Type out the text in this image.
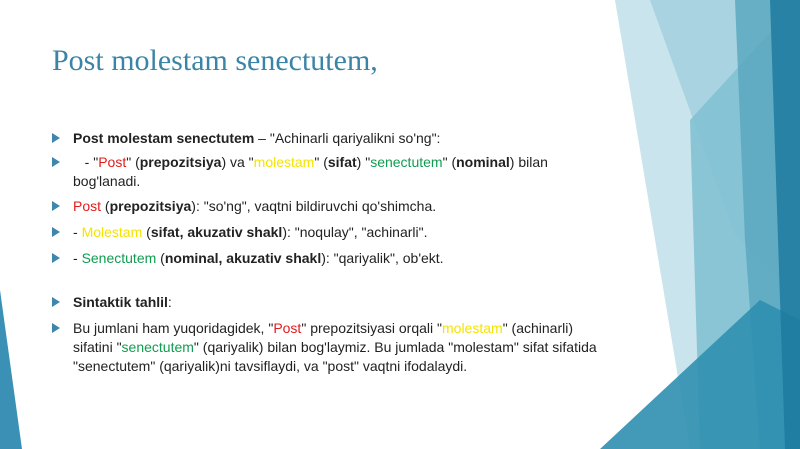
Post molestam senectutem,
Post molestam senectutem – "Achinarli qariyalikni so'ng":
- "Post" (prepozitsiya) va "molestam" (sifat) "senectutem" (nominal) bilan bog'lanadi.
Post (prepozitsiya): "so'ng", vaqtni bildiruvchi qo'shimcha.
- Molestam (sifat, akuzativ shakl): "noqulay", "achinarli".
- Senectutem (nominal, akuzativ shakl): "qariyalik", ob'ekt.
Sintaktik tahlil:
Bu jumlani ham yuqoridagidek, "Post" prepozitsiyasi orqali "molestam" (achinarli) sifatini "senectutem" (qariyalik) bilan bog'laymiz. Bu jumlada "molestam" sifat sifatida "senectutem" (qariyalik)ni tavsiflaydi, va "post" vaqtni ifodalaydi.
